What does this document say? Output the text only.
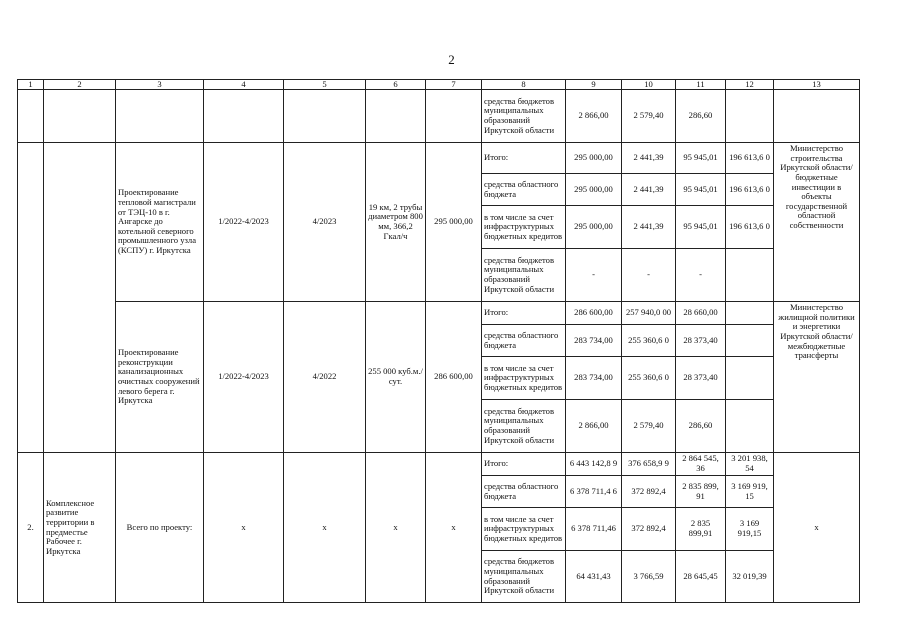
2
1	2	3	4	5	6	7	8	9	10	11	12	13
							средства бюджетов муниципальных образований Иркутской области	2 866,00	2 579,40	286,60		
		Проектирование тепловой магистрали от ТЭЦ-10 в г. Ангарске до котельной северного промышленного узла (КСПУ) г. Иркутска	1/2022-4/2023	4/2023	19 км, 2 трубы диаметром 800 мм, 366,2 Гкал/ч	295 000,00	Итого:	295 000,00	2 441,39	95 945,01	196 613,6 0	Министерство строительства Иркутской области/ бюджетные инвестиции в объекты государственной областной собственности
							средства областного бюджета	295 000,00	2 441,39	95 945,01	196 613,6 0	
							в том числе за счет инфраструктурных бюджетных кредитов	295 000,00	2 441,39	95 945,01	196 613,6 0	
							средства бюджетов муниципальных образований Иркутской области	-	-	-		
		Проектирование реконструкции канализационных очистных сооружений левого берега г. Иркутска	1/2022-4/2023	4/2022	255 000 куб.м./сут.	286 600,00	Итого:	286 600,00	257 940,0 00	28 660,00		Министерство жилищной политики и энергетики Иркутской области/ межбюджетные трансферты
							средства областного бюджета	283 734,00	255 360,6 0	28 373,40		
							в том числе за счет инфраструктурных бюджетных кредитов	283 734,00	255 360,6 0	28 373,40		
							средства бюджетов муниципальных образований Иркутской области	2 866,00	2 579,40	286,60		
2.	Комплексное развитие территории в предместье Рабочее г. Иркутска	Всего по проекту:	x	x	x	x	Итого:	6 443 142,8 9	376 658,9 9	2 864 545, 36	3 201 938, 54	x
							средства областного бюджета	6 378 711,4 6	372 892,4	2 835 899, 91	3 169 919, 15	
							в том числе за счет инфраструктурных бюджетных кредитов	6 378 711,46	372 892,4	2 835 899,91	3 169 919,15	
							средства бюджетов муниципальных образований Иркутской области	64 431,43	3 766,59	28 645,45	32 019,39	
